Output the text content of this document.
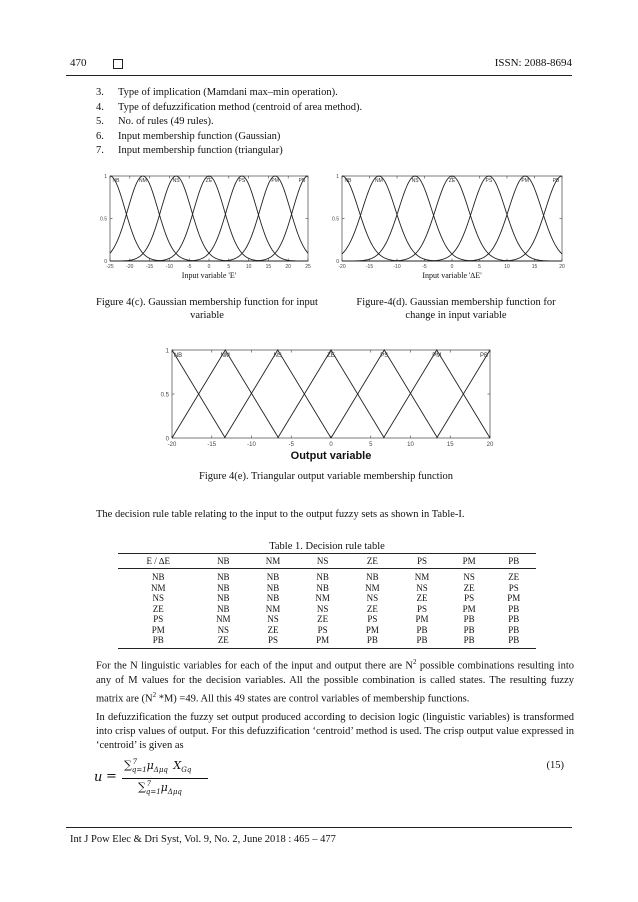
470	ISSN: 2088-8694
3. Type of implication (Mamdani max–min operation).
4. Type of defuzzification method (centroid of area method).
5. No. of rules (49 rules).
6. Input membership function (Gaussian)
7. Input membership function (triangular)
-25	-20	-15	-10	-5	0	5	10	15	20	25
0
0.5
1
NB	NM	NS	ZE	PS	PM	PB
Input variable 'E'
-20	-15	-10	-5	0	5	10	15	20
0
0.5
1
NB	NM	NS	ZE	PS	PM	PB
Input variable '∆E'
-20	-15	-10	-5	0	5	10	15	20
0
0.5
1
NB	NM	NS	ZE	PS	PM	PB
Output variable
Figure 4(c). Gaussian membership function for input
variable
Figure-4(d). Gaussian membership function for
change in input variable
Figure 4(e). Triangular output variable membership function
The decision rule table relating to the input to the output fuzzy sets as shown in Table-I.
Table 1. Decision rule table
E / ∆E	NB	NM	NS	ZE	PS	PM	PB
NB	NB	NB	NB	NB	NM	NS	ZE
NM	NB	NB	NB	NM	NS	ZE	PS
NS	NB	NB	NM	NS	ZE	PS	PM
ZE	NB	NM	NS	ZE	PS	PM	PB
PS	NM	NS	ZE	PS	PM	PB	PB
PM	NS	ZE	PS	PM	PB	PB	PB
PB	ZE	PS	PM	PB	PB	PB	PB
For the N linguistic variables for each of the input and output there are $N^2$ possible combinations resulting into any of M values for the decision variables. All the possible combination is called states. The resulting fuzzy matrix are ($N^2$ *M) =49. All this 49 states are control variables of membership functions.
In defuzzification the fuzzy set output produced according to decision logic (linguistic variables) is transformed into crisp values of output. For this defuzzification ‘centroid’ method is used. The crisp output value expressed in ‘centroid’ is given as
u =
$\sum_{q=1}^7$ $\mu_{\Delta\mu q}$ $X_{Gq}$
$\sum_{q=1}^7$ $\mu_{\Delta\mu q}$
(15)
Int J Pow Elec & Dri Syst, Vol. 9, No. 2, June 2018 : 465 – 477
